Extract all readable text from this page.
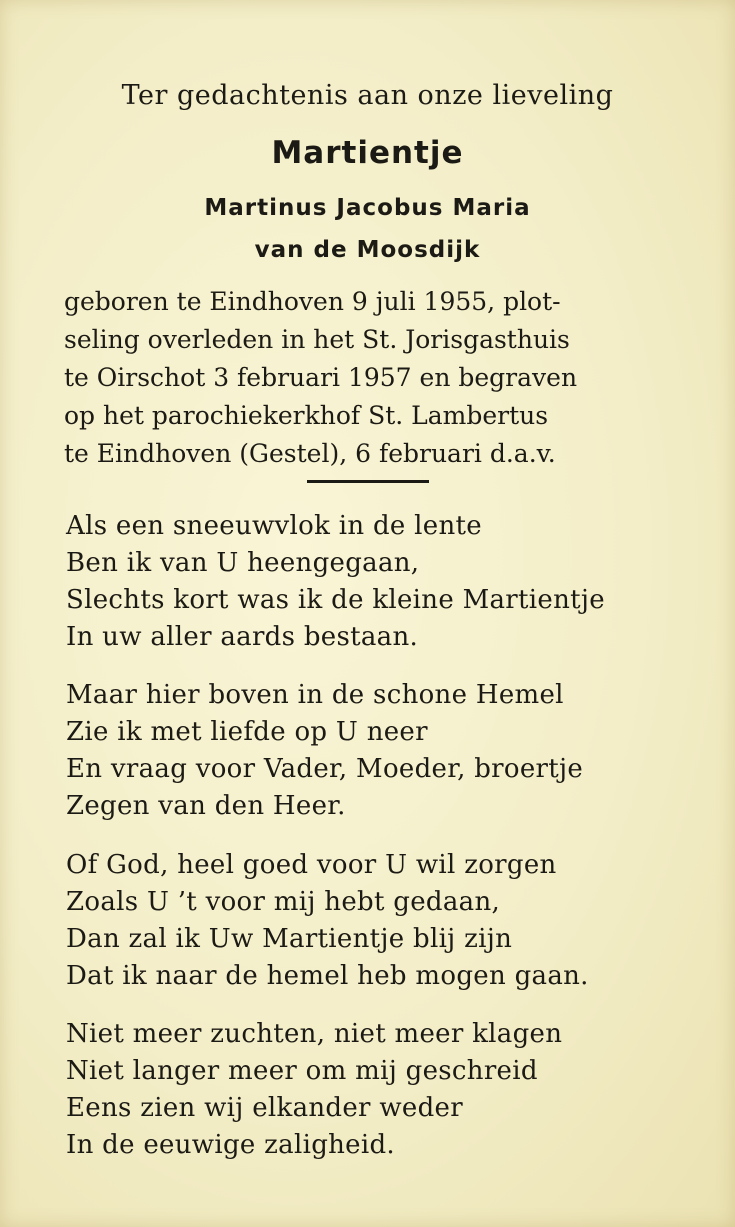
Ter gedachtenis aan onze lieveling

Martientje

Martinus Jacobus Maria

van de Moosdijk

geboren te Eindhoven 9 juli 1955, plot-
seling overleden in het St. Jorisgasthuis
te Oirschot 3 februari 1957 en begraven
op het parochiekerkhof St. Lambertus
te Eindhoven (Gestel), 6 februari d.a.v.

Als een sneeuwvlok in de lente
Ben ik van U heengegaan,
Slechts kort was ik de kleine Martientje
In uw aller aards bestaan.

Maar hier boven in de schone Hemel
Zie ik met liefde op U neer
En vraag voor Vader, Moeder, broertje
Zegen van den Heer.

Of God, heel goed voor U wil zorgen
Zoals U ’t voor mij hebt gedaan,
Dan zal ik Uw Martientje blij zijn
Dat ik naar de hemel heb mogen gaan.

Niet meer zuchten, niet meer klagen
Niet langer meer om mij geschreid
Eens zien wij elkander weder
In de eeuwige zaligheid.
